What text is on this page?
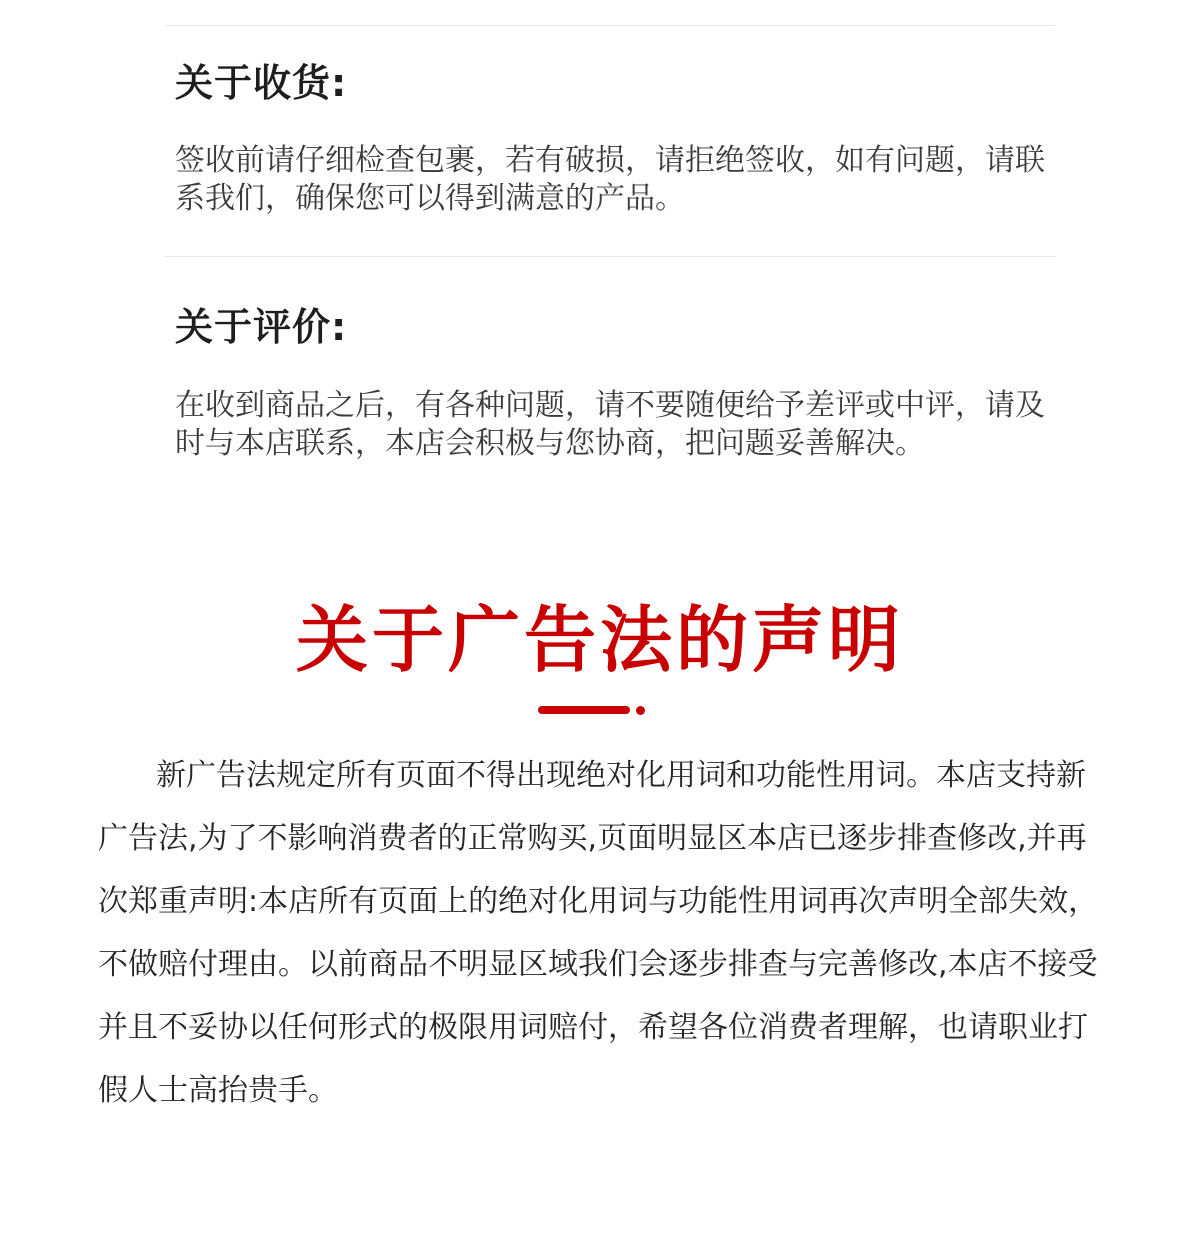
关于收货:

签收前请仔细检查包裹，若有破损，请拒绝签收，如有问题，请联系我们，确保您可以得到满意的产品。

关于评价:

在收到商品之后，有各种问题，请不要随便给予差评或中评，请及时与本店联系，本店会积极与您协商，把问题妥善解决。

关于广告法的声明

新广告法规定所有页面不得出现绝对化用词和功能性用词。本店支持新广告法,为了不影响消费者的正常购买,页面明显区本店已逐步排查修改,并再次郑重声明:本店所有页面上的绝对化用词与功能性用词再次声明全部失效，不做赔付理由。以前商品不明显区域我们会逐步排查与完善修改,本店不接受并且不妥协以任何形式的极限用词赔付，希望各位消费者理解，也请职业打假人士高抬贵手。
